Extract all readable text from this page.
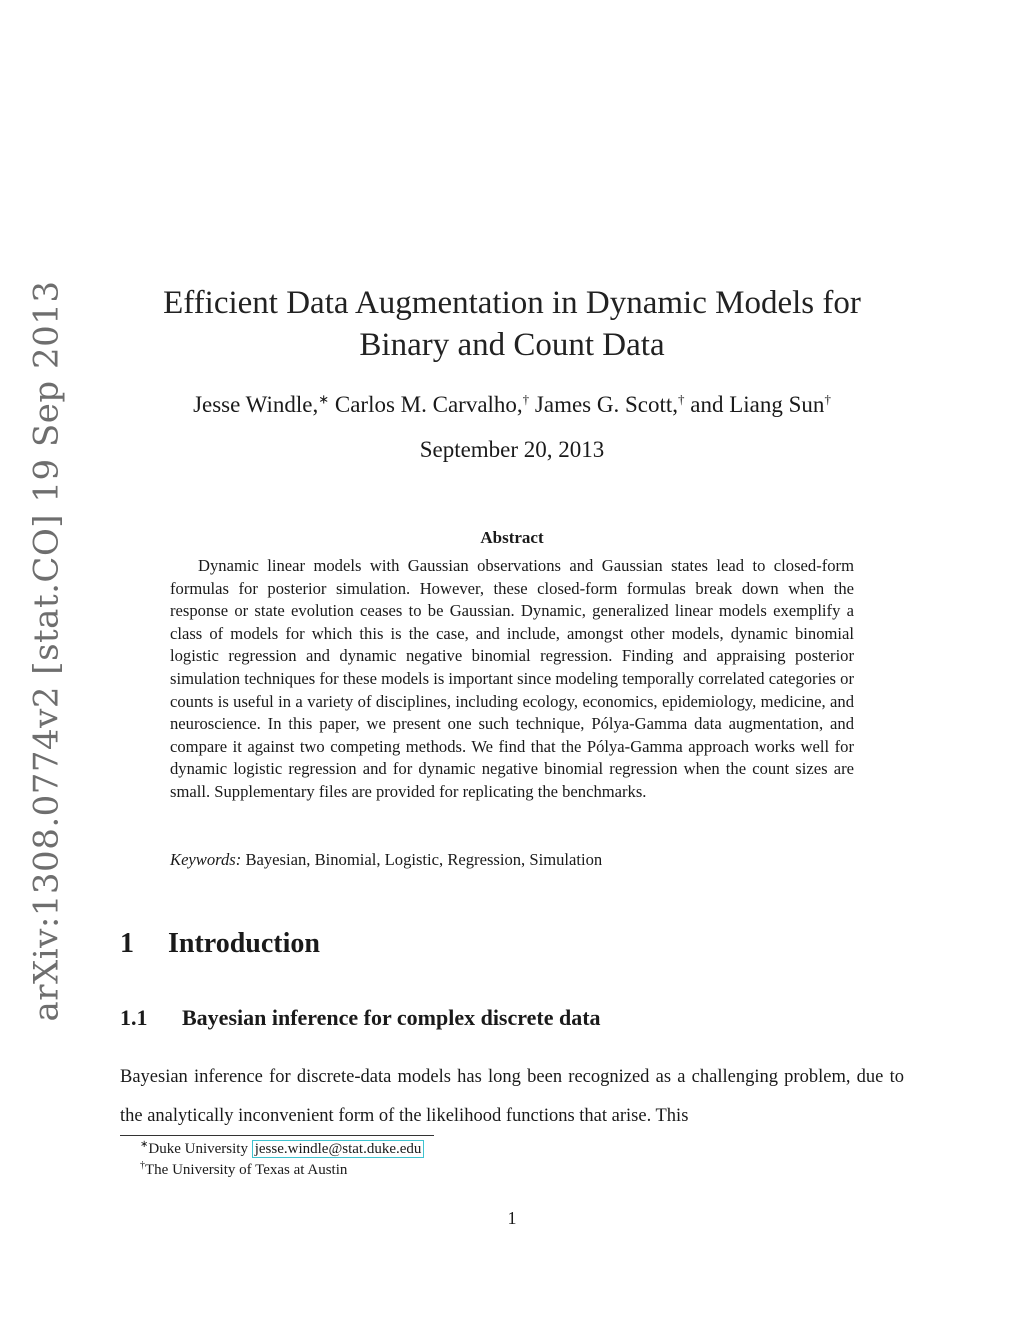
arXiv:1308.0774v2 [stat.CO] 19 Sep 2013	Efficient Data Augmentation in Dynamic Models for
Binary and Count Data
Jesse Windle,∗ Carlos M. Carvalho,† James G. Scott,† and Liang Sun†
September 20, 2013
Abstract

Dynamic linear models with Gaussian observations and Gaussian states lead to closed-form formulas for posterior simulation. However, these closed-form formulas break down when the response or state evolution ceases to be Gaussian. Dynamic, generalized linear models exemplify a class of models for which this is the case, and include, amongst other models, dynamic binomial logistic regression and dynamic negative binomial regression. Finding and appraising posterior simulation techniques for these models is important since modeling temporally correlated categories or counts is useful in a variety of disciplines, including ecology, economics, epidemiology, medicine, and neuroscience. In this paper, we present one such technique, Pólya-Gamma data augmentation, and compare it against two competing methods. We find that the Pólya-Gamma approach works well for dynamic logistic regression and for dynamic negative binomial regression when the count sizes are small. Supplementary files are provided for replicating the benchmarks.

Keywords: Bayesian, Binomial, Logistic, Regression, Simulation
1 Introduction
1.1 Bayesian inference for complex discrete data

Bayesian inference for discrete-data models has long been recognized as a challenging problem, due to the analytically inconvenient form of the likelihood functions that arise. This

∗Duke University jesse.windle@stat.duke.edu
†The University of Texas at Austin
1
